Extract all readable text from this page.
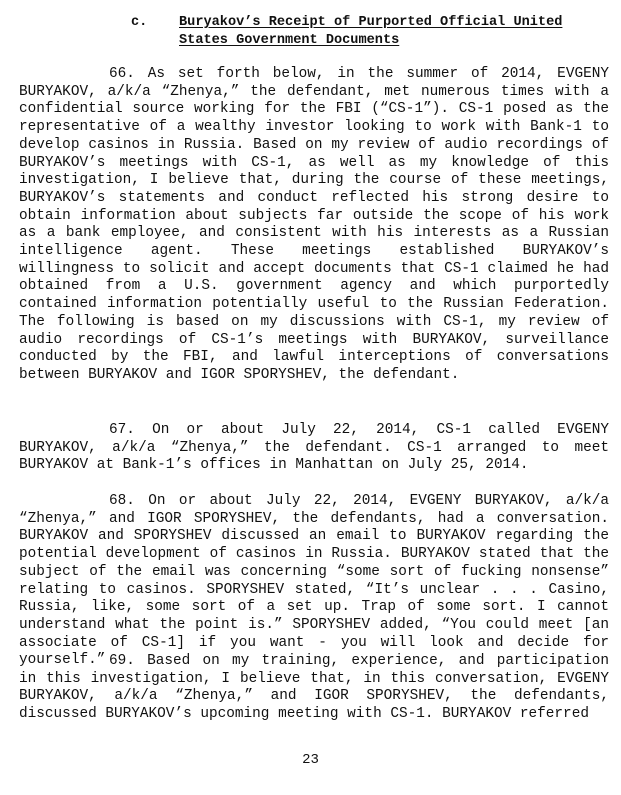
c. Buryakov’s Receipt of Purported Official United States Government Documents

66. As set forth below, in the summer of 2014, EVGENY BURYAKOV, a/k/a “Zhenya,” the defendant, met numerous times with a confidential source working for the FBI (“CS-1”). CS-1 posed as the representative of a wealthy investor looking to work with Bank-1 to develop casinos in Russia. Based on my review of audio recordings of BURYAKOV’s meetings with CS-1, as well as my knowledge of this investigation, I believe that, during the course of these meetings, BURYAKOV’s statements and conduct reflected his strong desire to obtain information about subjects far outside the scope of his work as a bank employee, and consistent with his interests as a Russian intelligence agent. These meetings established BURYAKOV’s willingness to solicit and accept documents that CS-1 claimed he had obtained from a U.S. government agency and which purportedly contained information potentially useful to the Russian Federation. The following is based on my discussions with CS-1, my review of audio recordings of CS-1’s meetings with BURYAKOV, surveillance conducted by the FBI, and lawful interceptions of conversations between BURYAKOV and IGOR SPORYSHEV, the defendant.

67. On or about July 22, 2014, CS-1 called EVGENY BURYAKOV, a/k/a “Zhenya,” the defendant. CS-1 arranged to meet BURYAKOV at Bank-1’s offices in Manhattan on July 25, 2014.

68. On or about July 22, 2014, EVGENY BURYAKOV, a/k/a “Zhenya,” and IGOR SPORYSHEV, the defendants, had a conversation. BURYAKOV and SPORYSHEV discussed an email to BURYAKOV regarding the potential development of casinos in Russia. BURYAKOV stated that the subject of the email was concerning “some sort of fucking nonsense” relating to casinos. SPORYSHEV stated, “It’s unclear . . . Casino, Russia, like, some sort of a set up. Trap of some sort. I cannot understand what the point is.” SPORYSHEV added, “You could meet [an associate of CS-1] if you want - you will look and decide for yourself.” 69. Based on my training, experience, and participation in this investigation, I believe that, in this conversation, EVGENY BURYAKOV, a/k/a “Zhenya,” and IGOR SPORYSHEV, the defendants, discussed BURYAKOV’s upcoming meeting with CS-1. BURYAKOV referred

23
